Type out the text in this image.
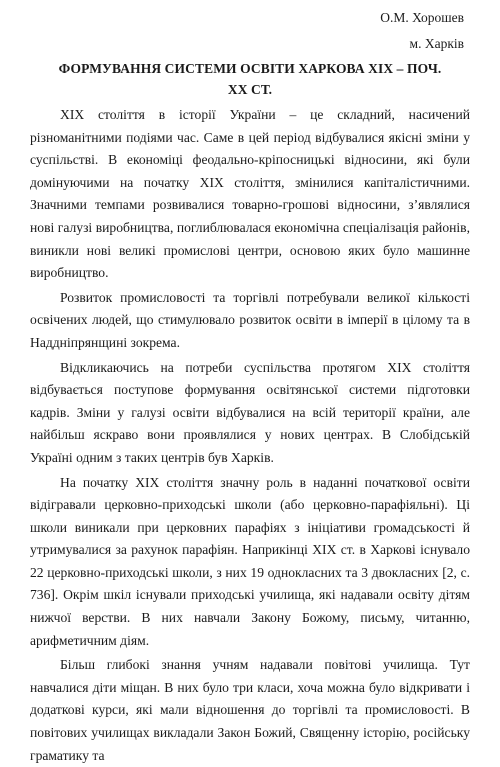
О.М. Хорошев
м. Харків
ФОРМУВАННЯ СИСТЕМИ ОСВІТИ ХАРКОВА ХІХ – ПОЧ.
ХХ СТ.

ХІХ століття в історії України – це складний, насичений різноманітними подіями час. Саме в цей період відбувалися якісні зміни у суспільстві. В економіці феодально-кріпосницькі відносини, які були домінуючими на початку ХІХ століття, змінилися капіталістичними. Значними темпами розвивалися товарно-грошові відносини, з’являлися нові галузі виробництва, поглиблювалася економічна спеціалізація районів, виникли нові великі промислові центри, основою яких було машинне виробництво.

Розвиток промисловості та торгівлі потребували великої кількості освічених людей, що стимулювало розвиток освіти в імперії в цілому та в Наддніпрянщині зокрема.

Відкликаючись на потреби суспільства протягом ХІХ століття відбувається поступове формування освітянської системи підготовки кадрів. Зміни у галузі освіти відбувалися на всій території країни, але найбільш яскраво вони проявлялися у нових центрах. В Слобідській Україні одним з таких центрів був Харків.

На початку ХІХ століття значну роль в наданні початкової освіти відігравали церковно-приходські школи (або церковно-парафіяльні). Ці школи виникали при церковних парафіях з ініціативи громадськості й утримувалися за рахунок парафіян. Наприкінці ХІХ ст. в Харкові існувало 22 церковно-приходські школи, з них 19 однокласних та 3 двокласних [2, с. 736]. Окрім шкіл існували приходські училища, які надавали освіту дітям нижчої верстви. В них навчали Закону Божому, письму, читанню, арифметичним діям.

Більш глибокі знання учням надавали повітові училища. Тут навчалися діти міщан. В них було три класи, хоча можна було відкривати і додаткові курси, які мали відношення до торгівлі та промисловості. В повітових училищах викладали Закон Божий, Священну історію, російську граматику та
